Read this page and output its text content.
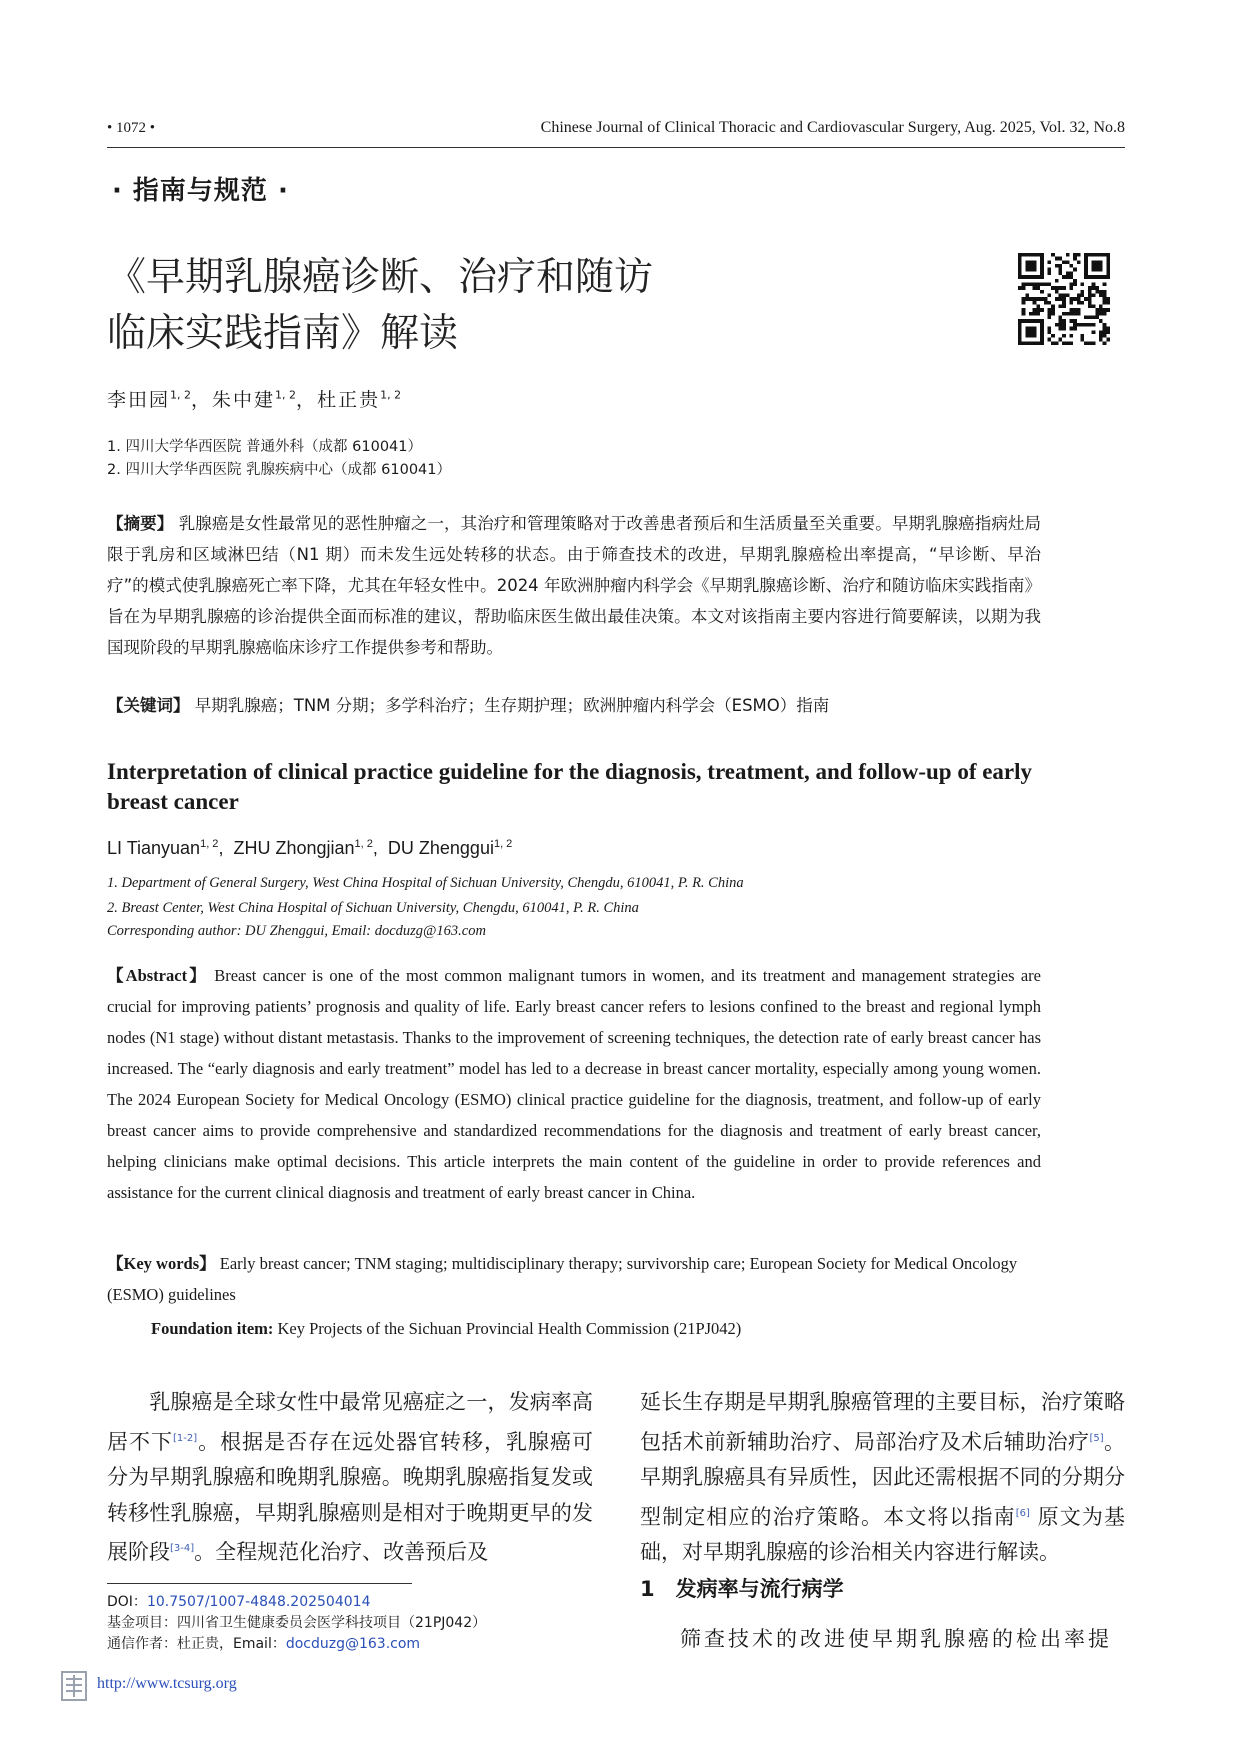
• 1072 •	Chinese Journal of Clinical Thoracic and Cardiovascular Surgery, Aug. 2025, Vol. 32, No.8
· 指南与规范 ·
《早期乳腺癌诊断、治疗和随访
临床实践指南》解读
李田园$^{1, 2}$，朱中建$^{1, 2}$，杜正贵$^{1, 2}$
1. 四川大学华西医院 普通外科（成都 610041）
2. 四川大学华西医院 乳腺疾病中心（成都 610041）
【摘要】 乳腺癌是女性最常见的恶性肿瘤之一，其治疗和管理策略对于改善患者预后和生活质量至关重要。早期乳腺癌指病灶局限于乳房和区域淋巴结（N1 期）而未发生远处转移的状态。由于筛查技术的改进，早期乳腺癌检出率提高，“早诊断、早治疗”的模式使乳腺癌死亡率下降，尤其在年轻女性中。2024 年欧洲肿瘤内科学会《早期乳腺癌诊断、治疗和随访临床实践指南》旨在为早期乳腺癌的诊治提供全面而标准的建议，帮助临床医生做出最佳决策。本文对该指南主要内容进行简要解读，以期为我国现阶段的早期乳腺癌临床诊疗工作提供参考和帮助。
【关键词】 早期乳腺癌；TNM 分期；多学科治疗；生存期护理；欧洲肿瘤内科学会（ESMO）指南
Interpretation of clinical practice guideline for the diagnosis, treatment, and follow-up of early breast cancer
LI Tianyuan$^{1, 2}$,  ZHU Zhongjian$^{1, 2}$,  DU Zhenggui$^{1, 2}$
1. Department of General Surgery, West China Hospital of Sichuan University, Chengdu, 610041, P. R. China
2. Breast Center, West China Hospital of Sichuan University, Chengdu, 610041, P. R. China
Corresponding author: DU Zhenggui, Email: docduzg@163.com
【Abstract】 Breast cancer is one of the most common malignant tumors in women, and its treatment and management strategies are crucial for improving patients’ prognosis and quality of life. Early breast cancer refers to lesions confined to the breast and regional lymph nodes (N1 stage) without distant metastasis. Thanks to the improvement of screening techniques, the detection rate of early breast cancer has increased. The “early diagnosis and early treatment” model has led to a decrease in breast cancer mortality, especially among young women. The 2024 European Society for Medical Oncology (ESMO) clinical practice guideline for the diagnosis, treatment, and follow-up of early breast cancer aims to provide comprehensive and standardized recommendations for the diagnosis and treatment of early breast cancer, helping clinicians make optimal decisions. This article interprets the main content of the guideline in order to provide references and assistance for the current clinical diagnosis and treatment of early breast cancer in China.
【Key words】 Early breast cancer; TNM staging; multidisciplinary therapy; survivorship care; European Society for Medical Oncology (ESMO) guidelines
Foundation item: Key Projects of the Sichuan Provincial Health Commission (21PJ042)
　　乳腺癌是全球女性中最常见癌症之一，发病率高居不下[1-2]。根据是否存在远处器官转移，乳腺癌可分为早期乳腺癌和晚期乳腺癌。晚期乳腺癌指复发或转移性乳腺癌，早期乳腺癌则是相对于晚期更早的发展阶段[3-4]。全程规范化治疗、改善预后及
延长生存期是早期乳腺癌管理的主要目标，治疗策略包括术前新辅助治疗、局部治疗及术后辅助治疗[5]。早期乳腺癌具有异质性，因此还需根据不同的分期分型制定相应的治疗策略。本文将以指南[6] 原文为基础，对早期乳腺癌的诊治相关内容进行解读。
DOI：10.7507/1007-4848.202504014
基金项目：四川省卫生健康委员会医学科技项目（21PJ042）
通信作者：杜正贵，Email：docduzg@163.com
1　发病率与流行病学
筛查技术的改进使早期乳腺癌的检出率提
http://www.tcsurg.org
